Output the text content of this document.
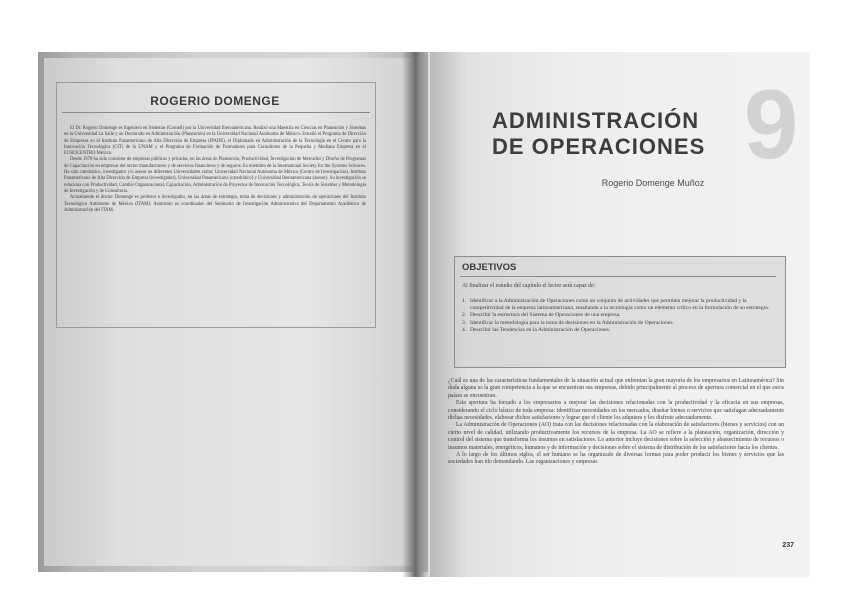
ROGERIO DOMENGE

El Dr. Rogerio Domenge es Ingeniero en Sistemas (Cornell) por la Universidad Iberoamericana. Realizó una Maestría en Ciencias en Planeación y Sistemas en la Universidad La Salle y un Doctorado en Administración (Planeación) en la Universidad Nacional Autónoma de México. Estudió el Programa de Dirección de Empresas en el Instituto Panamericano de Alta Dirección de Empresa (IPADE), el Diplomado en Administración de la Tecnología en el Centro para la Innovación Tecnológica (CIT) de la UNAM y el Programa de Formación de Formadores para Consultores de la Pequeña y Mediana Empresa en el EUROCENTRO México.

Desde 1978 ha sido consultor de empresas públicas y privadas, en las áreas de Planeación, Productividad, Investigación de Mercados y Diseño de Programas de Capacitación en empresas del sector manufacturero y de servicios financieros y de seguros. Es miembro de la International Society for the Systems Sciences. Ha sido catedrático, investigador y/o asesor en diferentes Universidades como: Universidad Nacional Autónoma de México (Centro de Investigación), Instituto Panamericano de Alta Dirección de Empresa (investigador), Universidad Panamericana (catedrático) y Universidad Iberoamericana (asesor). Su investigación se relaciona con Productividad, Cambio Organizacional, Capacitación, Administración de Proyectos de Innovación Tecnológica, Teoría de Sistemas y Metodología de Investigación y de Consultoría.

Actualmente el doctor Domenge es profesor e investigador, en las áreas de estrategia, toma de decisiones y administración de operaciones del Instituto Tecnológico Autónomo de México (ITAM). Asimismo es coordinador del Seminario de Investigación Administrativa del Departamento Académico de Administración del ITAM.

ADMINISTRACIÓN
DE OPERACIONES 9
Rogerio Domenge Muñoz
OBJETIVOS
Al finalizar el estudio del capítulo el lector será capaz de:
1. Identificar a la Administración de Operaciones como un conjunto de actividades que permiten mejorar la productividad y la competitividad de la empresa latinoamericana, resaltando a la tecnología como un elemento crítico en la formulación de su estrategia.
2. Describir la estructura del Sistema de Operaciones de una empresa.
3. Identificar la metodología para la toma de decisiones en la Administración de Operaciones.
4. Describir las Tendencias en la Administración de Operaciones.

¿Cuál es una de las características fundamentales de la situación actual que enfrentan la gran mayoría de los empresarios en Latinoamérica? Sin duda alguna es la gran competencia a la que se encuentran sus empresas, debido principalmente al proceso de apertura comercial en el que estos países se encuentran.

Esta apertura ha forzado a los empresarios a mejorar las decisiones relacionadas con la productividad y la eficacia en sus empresas, considerando el ciclo básico de toda empresa: identificar necesidades en los mercados, diseñar bienes o servicios que satisfagan adecuadamente dichas necesidades, elaborar dichos satisfactores y lograr que el cliente los adquiera y los disfrute adecuadamente.

La Administración de Operaciones (AO) trata con las decisiones relacionadas con la elaboración de satisfactores (bienes y servicios) con un cierto nivel de calidad, utilizando productivamente los recursos de la empresa. La AO se refiere a la planeación, organización, dirección y control del sistema que transforma los insumos en satisfactores. Lo anterior incluye decisiones sobre la selección y abastecimiento de recursos o insumos materiales, energéticos, humanos y de información y decisiones sobre el sistema de distribución de los satisfactores hacia los clientes.

A lo largo de los últimos siglos, el ser humano se ha organizado de diversas formas para poder producir los bienes y servicios que las sociedades han ido demandando. Las organizaciones y empresas

237
